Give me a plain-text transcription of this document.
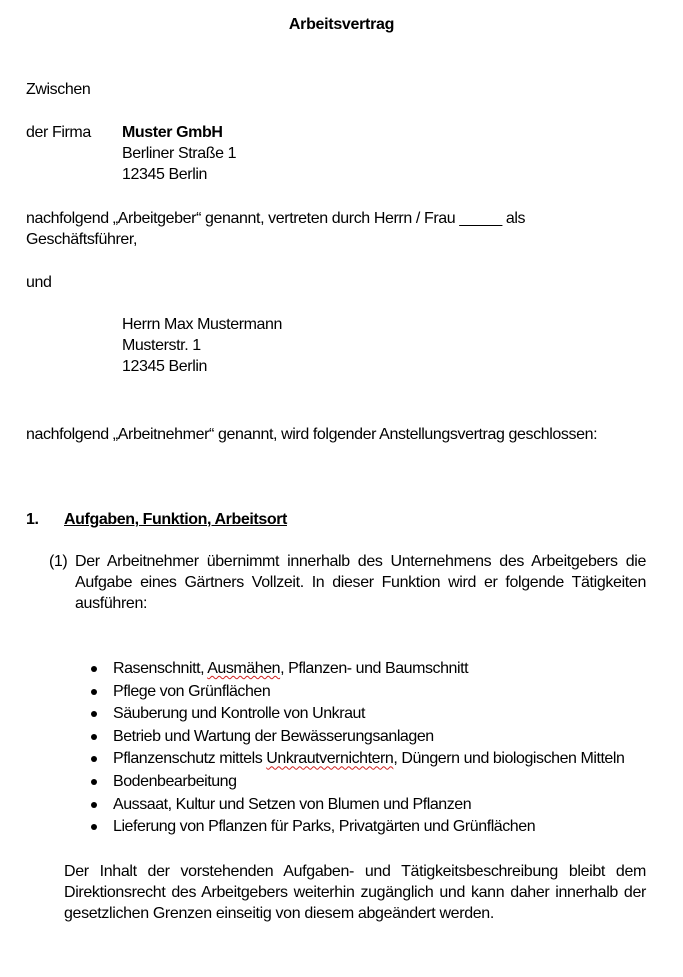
Arbeitsvertrag
Zwischen
der Firma Muster GmbH
Berliner Straße 1
12345 Berlin
nachfolgend „Arbeitgeber“ genannt, vertreten durch Herrn / Frau _____ als
Geschäftsführer,
und
Herrn Max Mustermann
Musterstr. 1
12345 Berlin
nachfolgend „Arbeitnehmer“ genannt, wird folgender Anstellungsvertrag geschlossen:
1. Aufgaben, Funktion, Arbeitsort
(1) Der Arbeitnehmer übernimmt innerhalb des Unternehmens des Arbeitgebers die Aufgabe eines Gärtners Vollzeit. In dieser Funktion wird er folgende Tätigkeiten ausführen:
Rasenschnitt, Ausmähen, Pflanzen- und Baumschnitt
Pflege von Grünflächen
Säuberung und Kontrolle von Unkraut
Betrieb und Wartung der Bewässerungsanlagen
Pflanzenschutz mittels Unkrautvernichtern, Düngern und biologischen Mitteln
Bodenbearbeitung
Aussaat, Kultur und Setzen von Blumen und Pflanzen
Lieferung von Pflanzen für Parks, Privatgärten und Grünflächen
Der Inhalt der vorstehenden Aufgaben- und Tätigkeitsbeschreibung bleibt dem Direktionsrecht des Arbeitgebers weiterhin zugänglich und kann daher innerhalb der gesetzlichen Grenzen einseitig von diesem abgeändert werden.
